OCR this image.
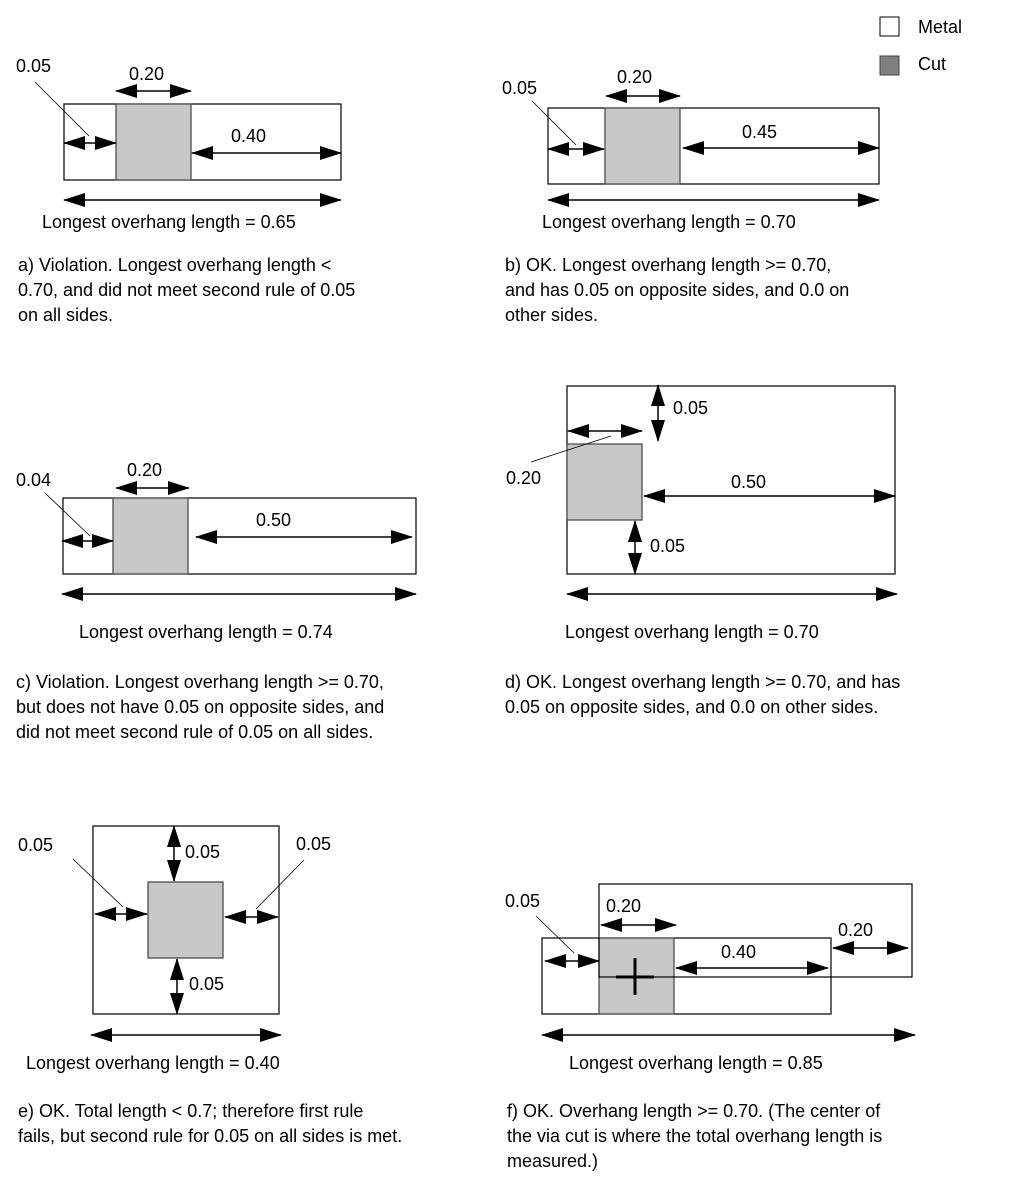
Metal
Cut
0.05	0.20
0.40
Longest overhang length = 0.65
a) Violation. Longest overhang length <
0.70, and did not meet second rule of 0.05
on all sides.
0.05
0.20
0.45
Longest overhang length = 0.70
b) OK. Longest overhang length >= 0.70,
and has 0.05 on opposite sides, and 0.0 on
other sides.
0.04	0.20
0.50
Longest overhang length = 0.74
c) Violation. Longest overhang length >= 0.70,
but does not have 0.05 on opposite sides, and
did not meet second rule of 0.05 on all sides.
0.05
0.20	0.50
0.05
Longest overhang length = 0.70
d) OK. Longest overhang length >= 0.70, and has
0.05 on opposite sides, and 0.0 on other sides.
0.05
0.05	0.05
0.05
Longest overhang length = 0.40
e) OK. Total length < 0.7; therefore first rule
fails, but second rule for 0.05 on all sides is met.
0.05	0.20
0.40
0.20
Longest overhang length = 0.85
f) OK. Overhang length >= 0.70. (The center of
the via cut is where the total overhang length is
measured.)
